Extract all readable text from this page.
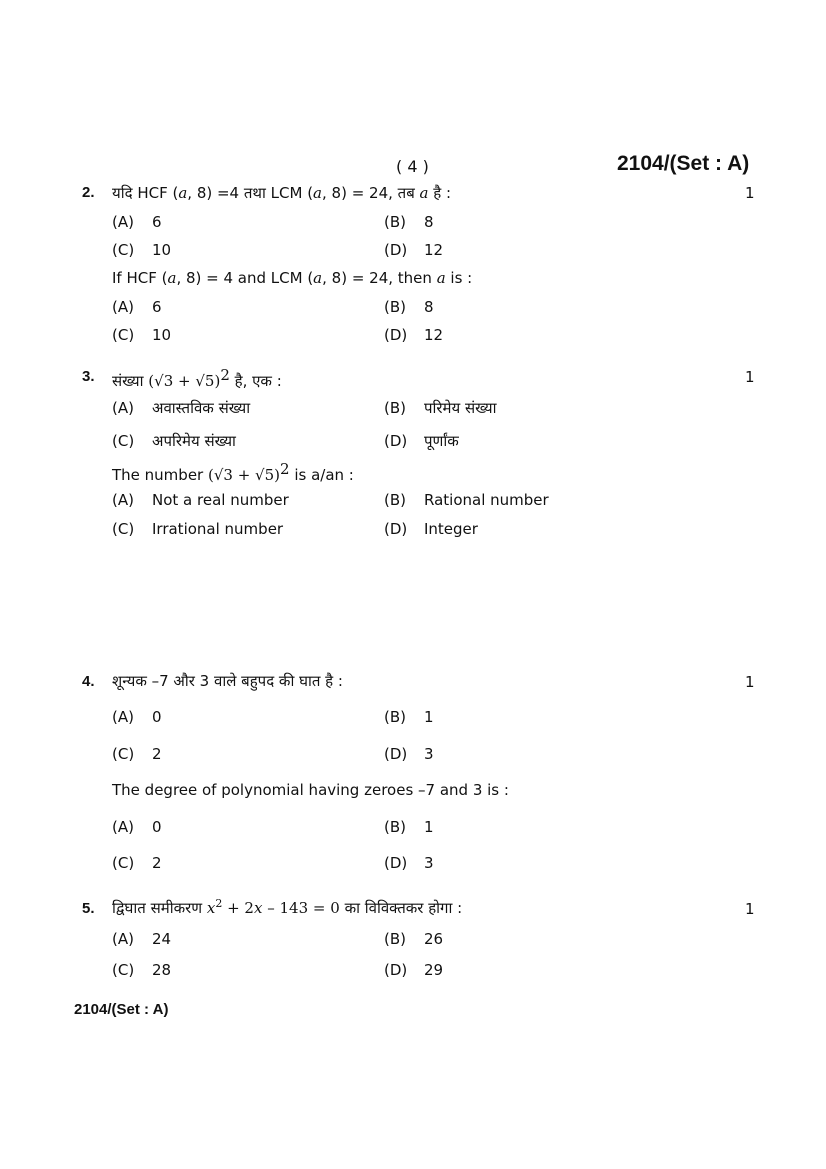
( 4 )	2104/(Set : A)
2. यदि HCF (a, 8) =4 तथा LCM (a, 8) = 24, तब a है :	1
(A) 6	(B) 8
(C) 10	(D) 12
If HCF (a, 8) = 4 and LCM (a, 8) = 24, then a is :
(A) 6	(B) 8
(C) 10	(D) 12
3. संख्या $(√3 + √5)^2$ है, एक :	1
(A) अवास्तविक संख्या	(B) परिमेय संख्या
(C) अपरिमेय संख्या	(D) पूर्णांक
The number $(√3 + √5)^2$ is a/an :
(A) Not a real number	(B) Rational number
(C) Irrational number	(D) Integer
4. शून्यक –7 और 3 वाले बहुपद की घात है :	1
(A) 0	(B) 1
(C) 2	(D) 3
The degree of polynomial having zeroes –7 and 3 is :
(A) 0	(B) 1
(C) 2	(D) 3
5. द्विघात समीकरण $x^2 + 2x - 143 = 0$ का विविक्तकर होगा :	1
(A) 24	(B) 26
(C) 28	(D) 29
2104/(Set : A)
